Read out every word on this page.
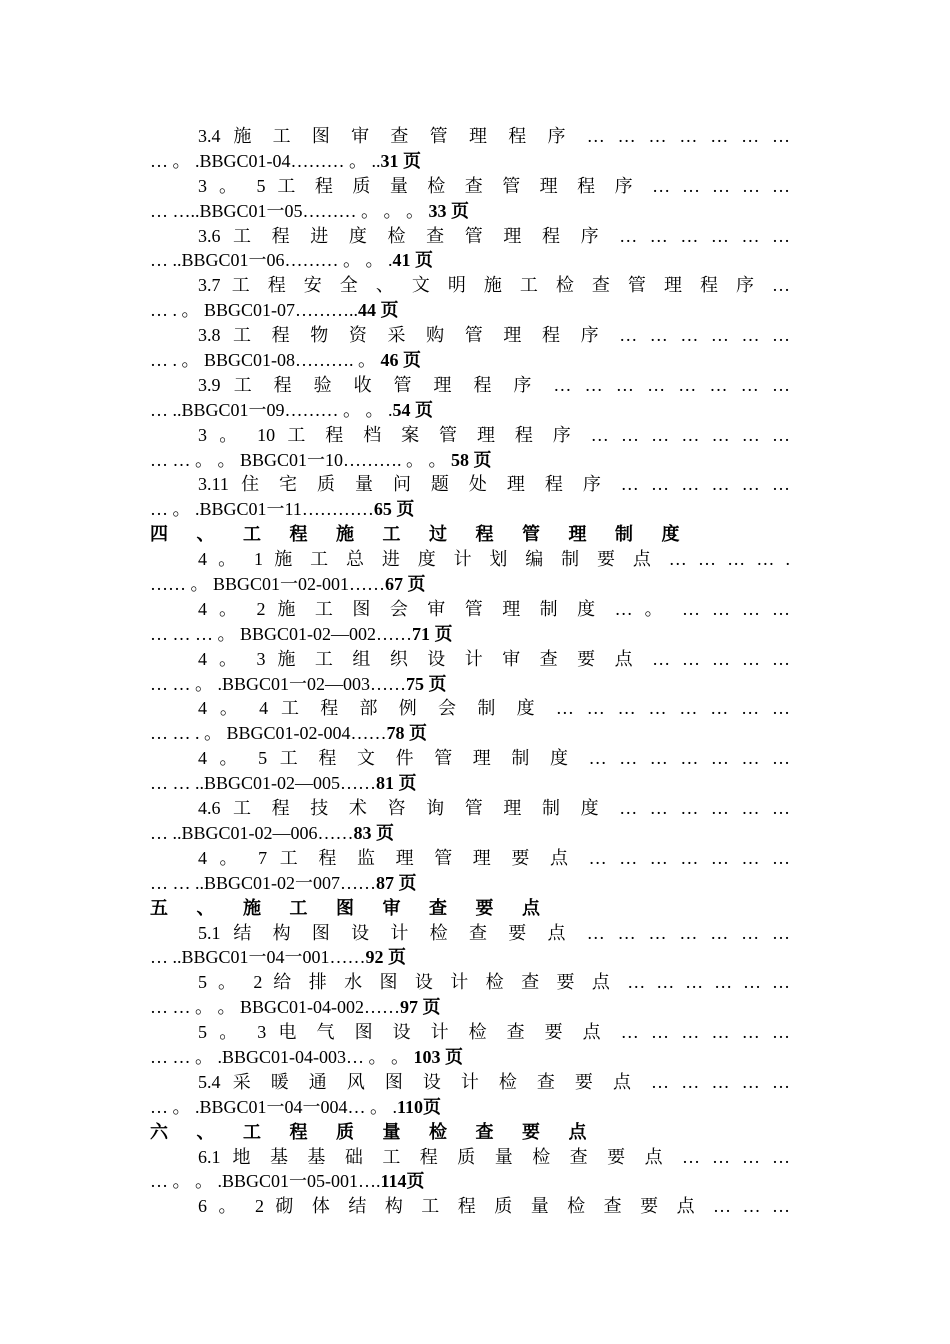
3.4 施 工 图 审 查 管 理 程 序 … … … … … … …
… 。 .BBGC01-04……… 。 ..31 页
3 。 5 工 程 质 量 检 查 管 理 程 序 … … … … …
… …..BBGC01一05……… 。 。 。 33 页
3.6 工 程 进 度 检 查 管 理 程 序 … … … … … …
… ..BBGC01一06……… 。 。 .41 页
3.7 工 程 安 全 、 文 明 施 工 检 查 管 理 程 序 …
… . 。 BBGC01-07………..44 页
3.8 工 程 物 资 采 购 管 理 程 序 … … … … … …
… . 。 BBGC01-08………. 。 46 页
3.9 工 程 验 收 管 理 程 序 … … … … … … … …
… ..BBGC01一09……… 。 。 .54 页
3 。 10 工 程 档 案 管 理 程 序 … … … … … … …
… … 。 。 BBGC01一10………. 。 。 58 页
3.11 住 宅 质 量 问 题 处 理 程 序 … … … … … …
… 。 .BBGC01一11…………65 页
四 、 工 程 施 工 过 程 管 理 制 度
4 。 1 施 工 总 进 度 计 划 编 制 要 点 … … … … .
…… 。 BBGC01一02-001……67 页
4 。 2 施 工 图 会 审 管 理 制 度 … 。 … … … …
… … … 。 BBGC01-02—002……71 页
4 。 3 施 工 组 织 设 计 审 查 要 点 … … … … …
… … 。 .BBGC01一02—003……75 页
4 。 4 工 程 部 例 会 制 度 … … … … … … … …
… … . 。 BBGC01-02-004……78 页
4 。 5 工 程 文 件 管 理 制 度 … … … … … … …
… … ..BBGC01-02—005……81 页
4.6 工 程 技 术 咨 询 管 理 制 度 … … … … … …
… ..BBGC01-02—006……83 页
4 。 7 工 程 监 理 管 理 要 点 … … … … … … …
… … ..BBGC01-02一007……87 页
五 、 施 工 图 审 查 要 点
5.1 结 构 图 设 计 检 查 要 点 … … … … … … …
… ..BBGC01一04一001……92 页
5 。 2 给 排 水 图 设 计 检 查 要 点 … … … … … …
… … 。 。 BBGC01-04-002……97 页
5 。 3 电 气 图 设 计 检 查 要 点 … … … … … …
… … 。 .BBGC01-04-003… 。 。 103 页
5.4 采 暖 通 风 图 设 计 检 查 要 点 … … … … …
… 。 .BBGC01一04一004… 。 .110页
六 、 工 程 质 量 检 查 要 点
6.1 地 基 基 础 工 程 质 量 检 查 要 点 … … … …
… 。 。 .BBGC01一05-001….114页
6 。 2 砌 体 结 构 工 程 质 量 检 查 要 点 … … …
